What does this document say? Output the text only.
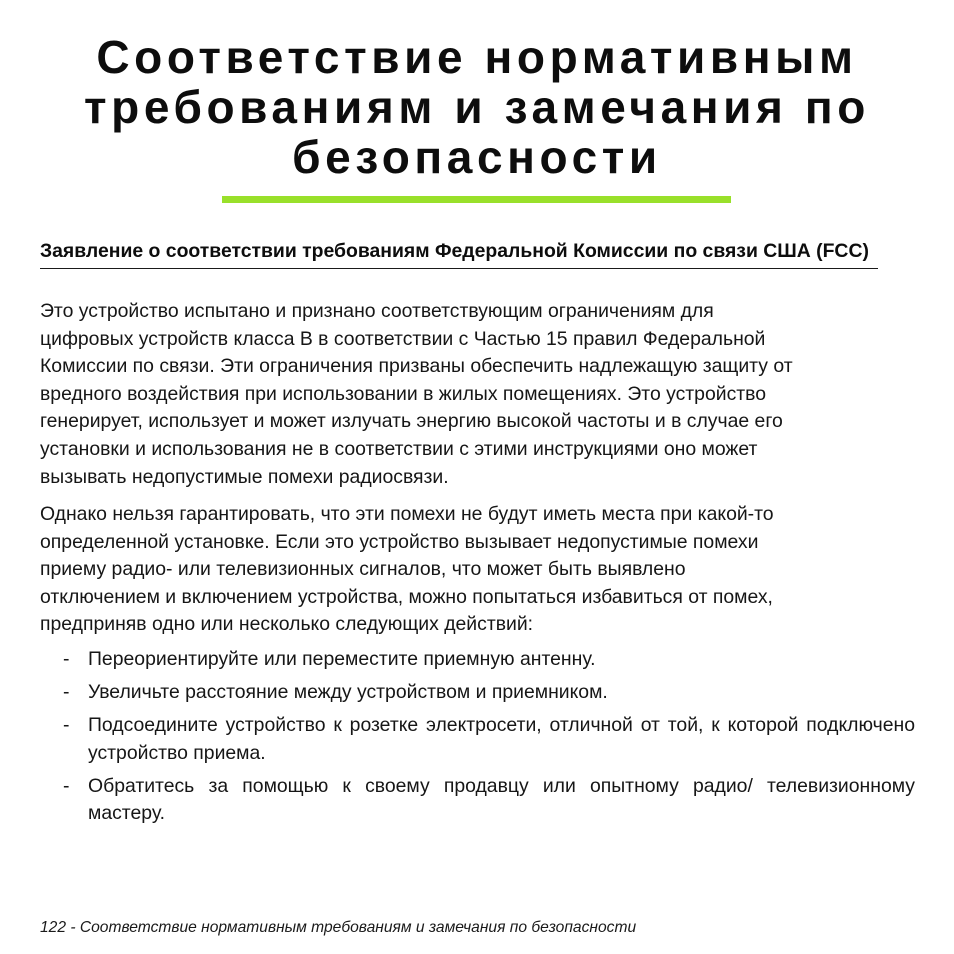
Соответствие нормативным
требованиям и замечания по
безопасности
Заявление о соответствии требованиям Федеральной Комиссии по связи США (FCC)

Это устройство испытано и признано соответствующим ограничениям для
цифровых устройств класса B в соответствии с Частью 15 правил Федеральной
Комиссии по связи. Эти ограничения призваны обеспечить надлежащую защиту от
вредного воздействия при использовании в жилых помещениях. Это устройство
генерирует, использует и может излучать энергию высокой частоты и в случае его
установки и использования не в соответствии с этими инструкциями оно может
вызывать недопустимые помехи радиосвязи.

Однако нельзя гарантировать, что эти помехи не будут иметь места при какой-то
определенной установке. Если это устройство вызывает недопустимые помехи
приему радио- или телевизионных сигналов, что может быть выявлено
отключением и включением устройства, можно попытаться избавиться от помех,
предприняв одно или несколько следующих действий:

- Переориентируйте или переместите приемную антенну.
- Увеличьте расстояние между устройством и приемником.
- Подсоедините устройство к розетке электросети, отличной от той, к которой подключено устройство приема.
- Обратитесь за помощью к своему продавцу или опытному радио/ телевизионному мастеру.

122 - Соответствие нормативным требованиям и замечания по безопасности
